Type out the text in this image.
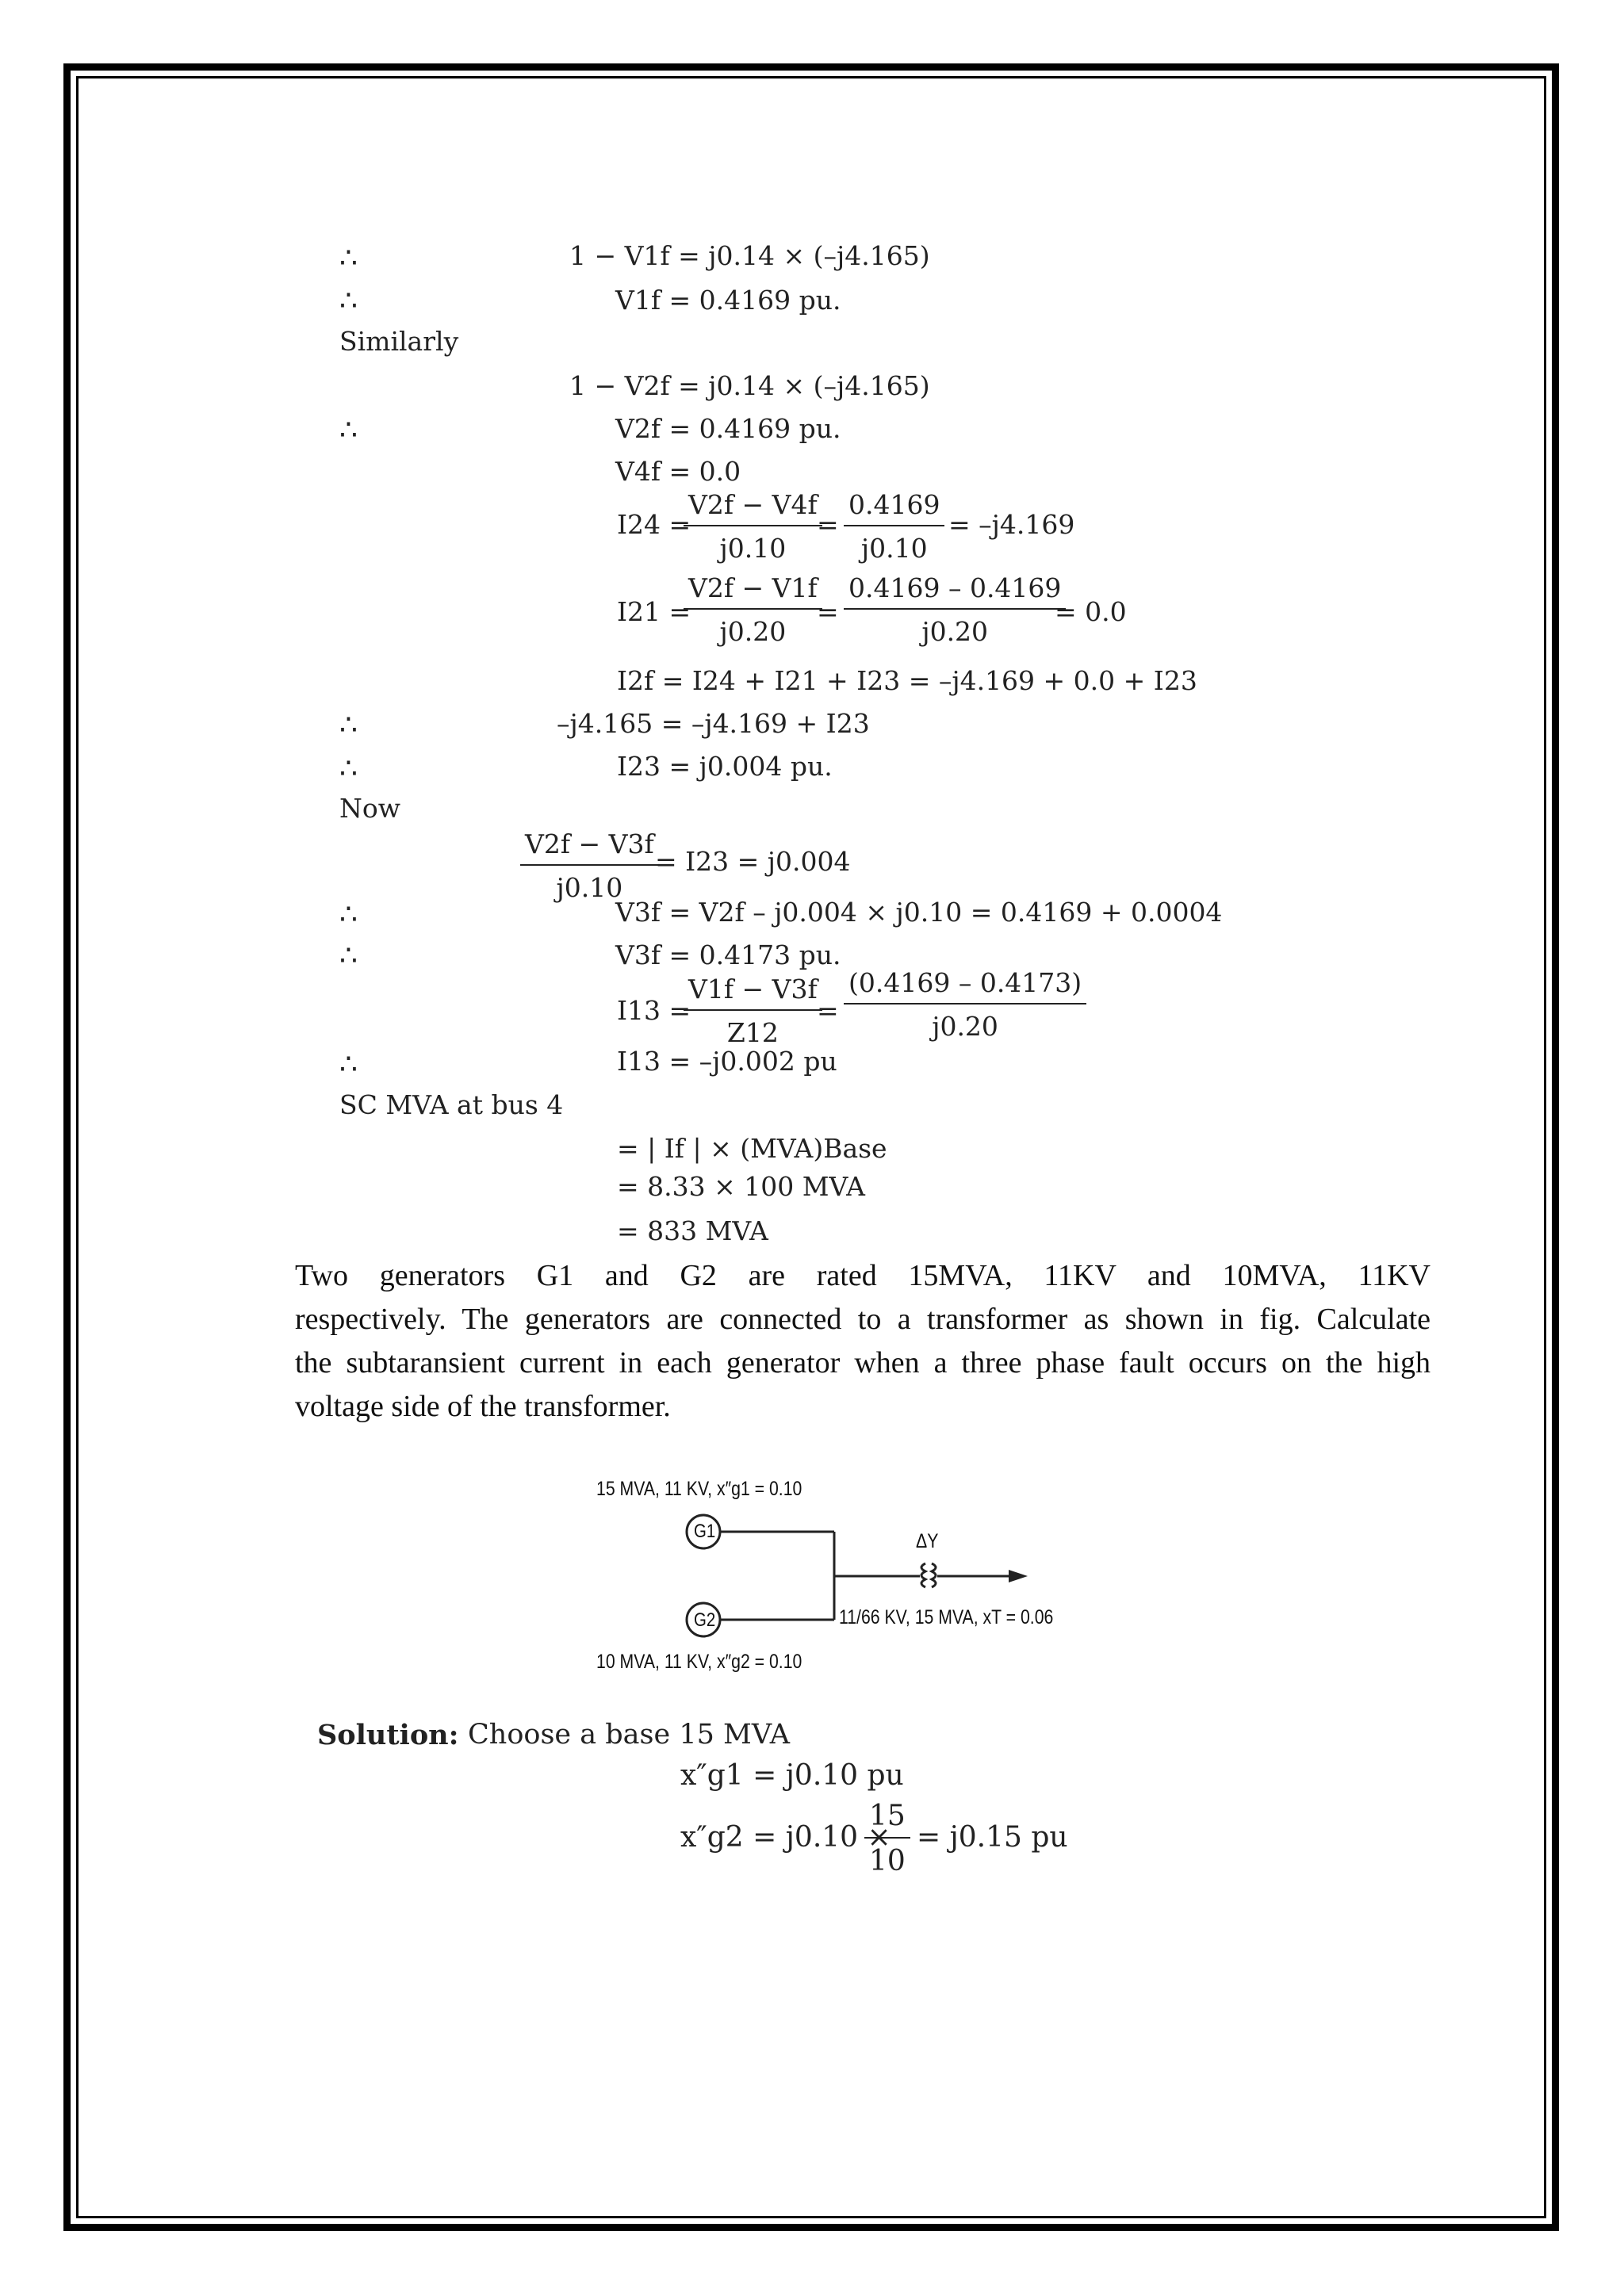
∴
∴
∴
∴
∴
∴
∴
∴
1 − V1f = j0.14 × (–j4.165)
V1f = 0.4169 pu.
Similarly
1 − V2f = j0.14 × (–j4.165)
V2f = 0.4169 pu.
V4f = 0.0
I24 =
$\frac{V2f - V4f}{j0.10}$
= $\frac{0.4169}{j0.10} = -j4.169$
I21 =
$\frac{V2f - V1f}{j0.20}$
= $\frac{0.4169 - 0.4169}{j0.20}$
= 0.0
I2f = I24 + I21 + I23 = –j4.169 + 0.0 + I23
–j4.165 = –j4.169 + I23
I23 = j0.004 pu.
Now
$\frac{V2f - V3f}{j0.10}$
= I23 = j0.004
V3f = V2f – j0.004 × j0.10 = 0.4169 + 0.0004
V3f = 0.4173 pu.
I13 =
$\frac{V1f - V3f}{Z12}$
= $\frac{(0.4169 - 0.4173)}{j0.20}$
I13 = –j0.002 pu
SC MVA at bus 4
= | If | × (MVA)Base
= 8.33 × 100 MVA
= 833 MVA
Two generators G1 and G2 are rated 15MVA, 11KV and 10MVA, 11KV
respectively. The generators are connected to a transformer as shown in fig. Calculate
the subtaransient current in each generator when a three phase fault occurs on the high
voltage side of the transformer.
15 MVA, 11 KV, x″g1 = 0.10
G1
G2
ΔY
11/66 KV, 15 MVA, xT = 0.06
10 MVA, 11 KV, x″g2 = 0.10
Solution: Choose a base 15 MVA
x″g1 = j0.10 pu
x″g2 = j0.10 ×
$\frac{15}{10} = j0.15$ pu
